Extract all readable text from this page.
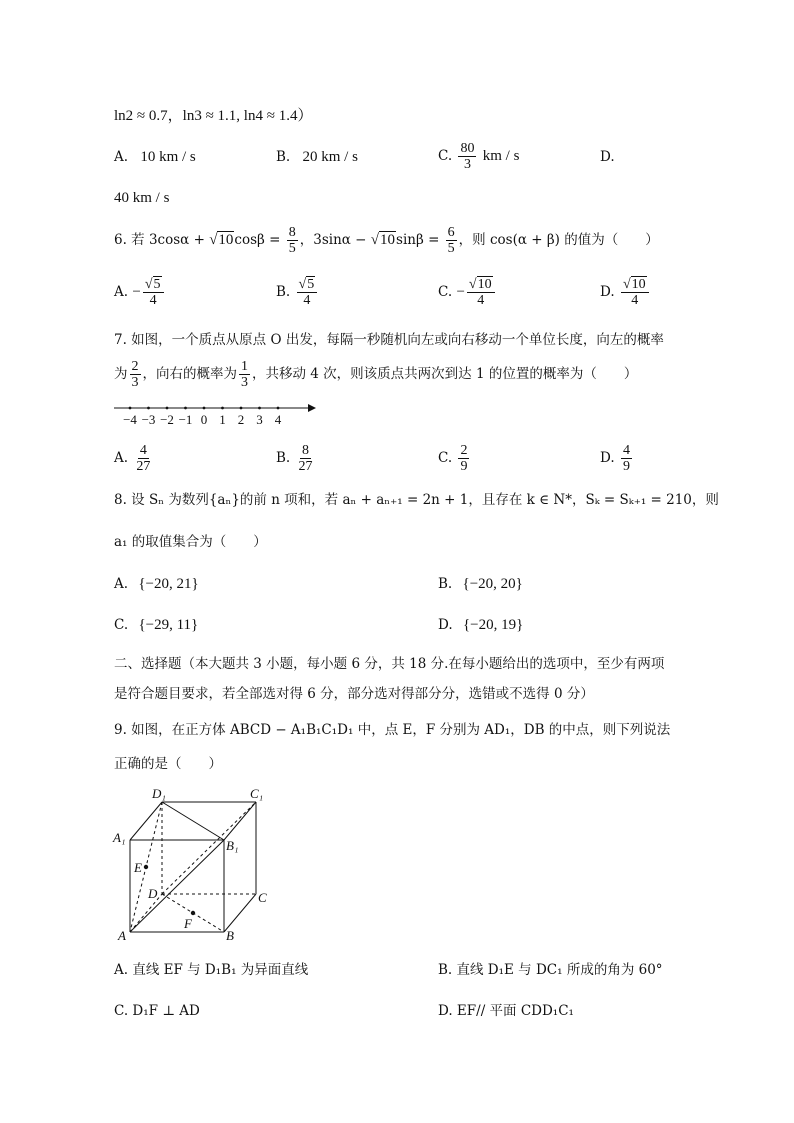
ln2 ≈ 0.7，ln3 ≈ 1.1, ln4 ≈ 1.4）
A. 10 km / s	B. 20 km / s	C. $\frac{80}{3}$ km / s	D.
40 km / s
6. 若 $3\cos\alpha + √10\cos\beta = \frac{8}{5}$ ，$3\sin\alpha - √10\sin\beta = \frac{6}{5}$ ，则 cos(α + β) 的值为（　　）
A. − $\frac{√5}{4}$	B. $\frac{√5}{4}$	C. − $\frac{√10}{4}$	D. $\frac{√10}{4}$
7. 如图，一个质点从原点 O 出发，每隔一秒随机向左或向右移动一个单位长度，向左的概率
为 $\frac{2}{3}$ ，向右的概率为 $\frac{1}{3}$ ，共移动 4 次，则该质点共两次到达 1 的位置的概率为（　　）
−4 −3 −2 −1 0 1 2 3 4
A. $\frac{4}{27}$	B. $\frac{8}{27}$	C. $\frac{2}{9}$	D. $\frac{4}{9}$
8. 设 Sₙ 为数列{aₙ}的前 n 项和，若 aₙ + aₙ₊₁ = 2n + 1，且存在 k ∈ N*，Sₖ = Sₖ₊₁ = 210，则
a₁ 的取值集合为（　　）
A. {−20, 21}	B. {−20, 20}
C. {−29, 11}	D. {−20, 19}
二、选择题（本大题共 3 小题，每小题 6 分，共 18 分.在每小题给出的选项中，至少有两项
是符合题目要求，若全部选对得 6 分，部分选对得部分分，选错或不选得 0 分）
9. 如图，在正方体 ABCD − A₁B₁C₁D₁ 中，点 E，F 分别为 AD₁，DB 的中点，则下列说法
正确的是（　　）
D₁	C₁
A₁
B₁
E
D	C
F
A	B
A. 直线 EF 与 D₁B₁ 为异面直线	B. 直线 D₁E 与 DC₁ 所成的角为 60°
C. D₁F ⊥ AD	D. EF// 平面 CDD₁C₁
